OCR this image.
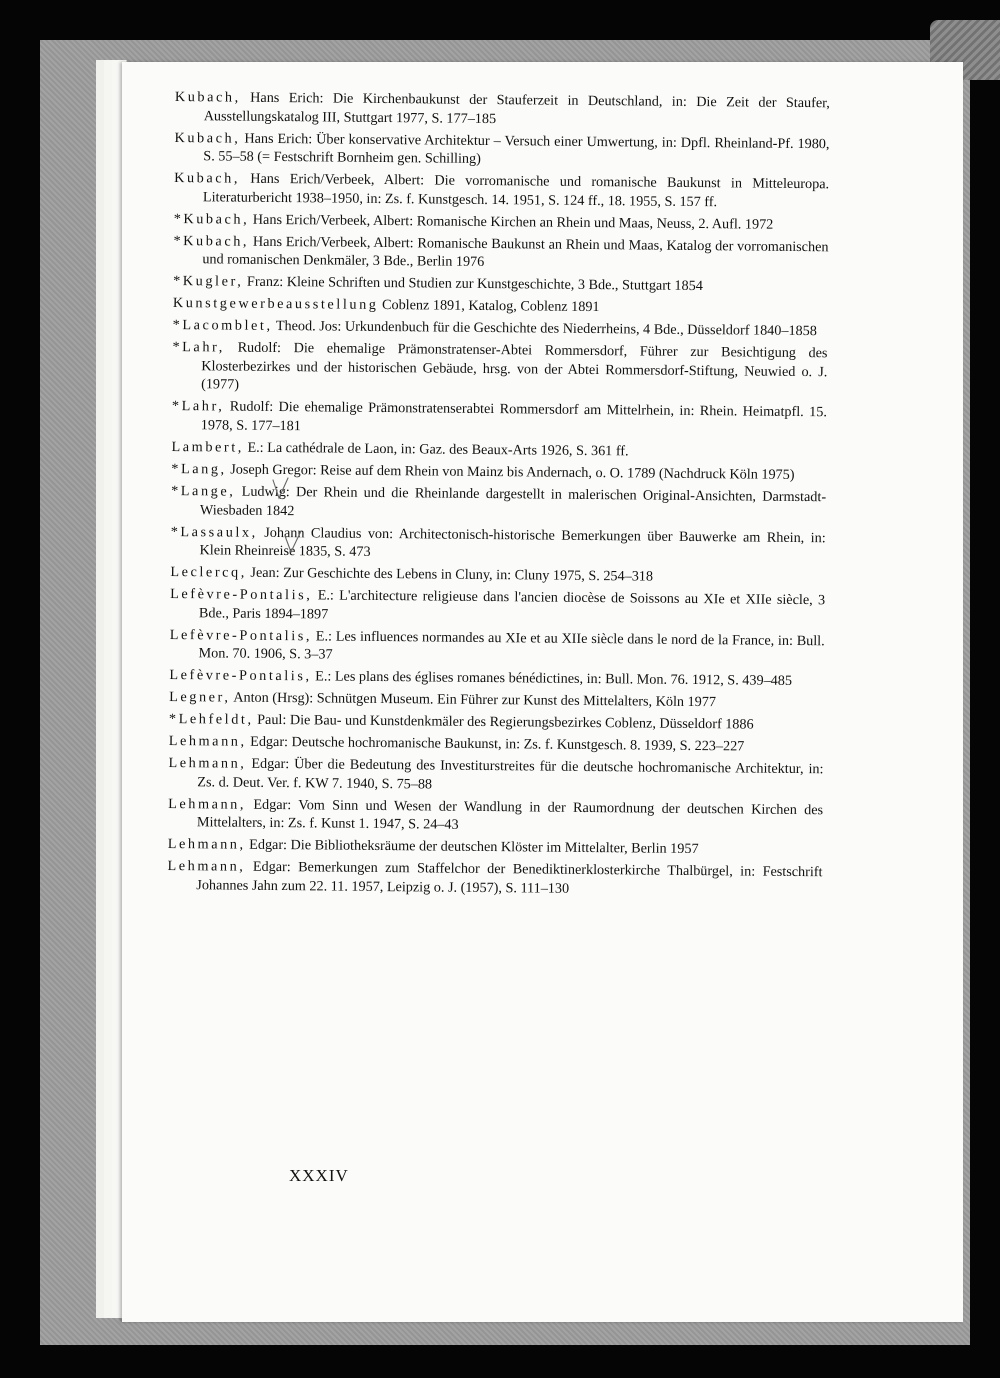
Kubach, Hans Erich: Die Kirchenbaukunst der Stauferzeit in Deutschland, in: Die Zeit der Staufer, Ausstellungskatalog III, Stuttgart 1977, S. 177–185

Kubach, Hans Erich: Über konservative Architektur – Versuch einer Umwertung, in: Dpfl. Rheinland-Pf. 1980, S. 55–58 (= Festschrift Bornheim gen. Schilling)

Kubach, Hans Erich/Verbeek, Albert: Die vorromanische und romanische Baukunst in Mitteleuropa. Literaturbericht 1938–1950, in: Zs. f. Kunstgesch. 14. 1951, S. 124 ff., 18. 1955, S. 157 ff.

*Kubach, Hans Erich/Verbeek, Albert: Romanische Kirchen an Rhein und Maas, Neuss, 2. Aufl. 1972

*Kubach, Hans Erich/Verbeek, Albert: Romanische Baukunst an Rhein und Maas, Katalog der vorromanischen und romanischen Denkmäler, 3 Bde., Berlin 1976

*Kugler, Franz: Kleine Schriften und Studien zur Kunstgeschichte, 3 Bde., Stuttgart 1854

Kunstgewerbeausstellung Coblenz 1891, Katalog, Coblenz 1891

*Lacomblet, Theod. Jos: Urkundenbuch für die Geschichte des Niederrheins, 4 Bde., Düsseldorf 1840–1858

*Lahr, Rudolf: Die ehemalige Prämonstratenser-Abtei Rommersdorf, Führer zur Besichtigung des Klosterbezirkes und der historischen Gebäude, hrsg. von der Abtei Rommersdorf-Stiftung, Neuwied o. J. (1977)

*Lahr, Rudolf: Die ehemalige Prämonstratenserabtei Rommersdorf am Mittelrhein, in: Rhein. Heimatpfl. 15. 1978, S. 177–181

Lambert, E.: La cathédrale de Laon, in: Gaz. des Beaux-Arts 1926, S. 361 ff.

*Lang, Joseph Gregor: Reise auf dem Rhein von Mainz bis Andernach, o. O. 1789 (Nachdruck Köln 1975)

*Lange, Ludwig: Der Rhein und die Rheinlande dargestellt in malerischen Original-Ansichten, Darmstadt-Wiesbaden 1842

*Lassaulx, Johann Claudius von: Architectonisch-historische Bemerkungen über Bauwerke am Rhein, in: Klein Rheinreise 1835, S. 473

Leclercq, Jean: Zur Geschichte des Lebens in Cluny, in: Cluny 1975, S. 254–318

Lefèvre-Pontalis, E.: L'architecture religieuse dans l'ancien diocèse de Soissons au XIe et XIIe siècle, 3 Bde., Paris 1894–1897

Lefèvre-Pontalis, E.: Les influences normandes au XIe et au XIIe siècle dans le nord de la France, in: Bull. Mon. 70. 1906, S. 3–37

Lefèvre-Pontalis, E.: Les plans des églises romanes bénédictines, in: Bull. Mon. 76. 1912, S. 439–485

Legner, Anton (Hrsg): Schnütgen Museum. Ein Führer zur Kunst des Mittelalters, Köln 1977

*Lehfeldt, Paul: Die Bau- und Kunstdenkmäler des Regierungsbezirkes Coblenz, Düsseldorf 1886

Lehmann, Edgar: Deutsche hochromanische Baukunst, in: Zs. f. Kunstgesch. 8. 1939, S. 223–227

Lehmann, Edgar: Über die Bedeutung des Investiturstreites für die deutsche hochromanische Architektur, in: Zs. d. Deut. Ver. f. KW 7. 1940, S. 75–88

Lehmann, Edgar: Vom Sinn und Wesen der Wandlung in der Raumordnung der deutschen Kirchen des Mittelalters, in: Zs. f. Kunst 1. 1947, S. 24–43

Lehmann, Edgar: Die Bibliotheksräume der deutschen Klöster im Mittelalter, Berlin 1957

Lehmann, Edgar: Bemerkungen zum Staffelchor der Benediktinerklosterkirche Thalbürgel, in: Festschrift Johannes Jahn zum 22. 11. 1957, Leipzig o. J. (1957), S. 111–130

XXXIV
